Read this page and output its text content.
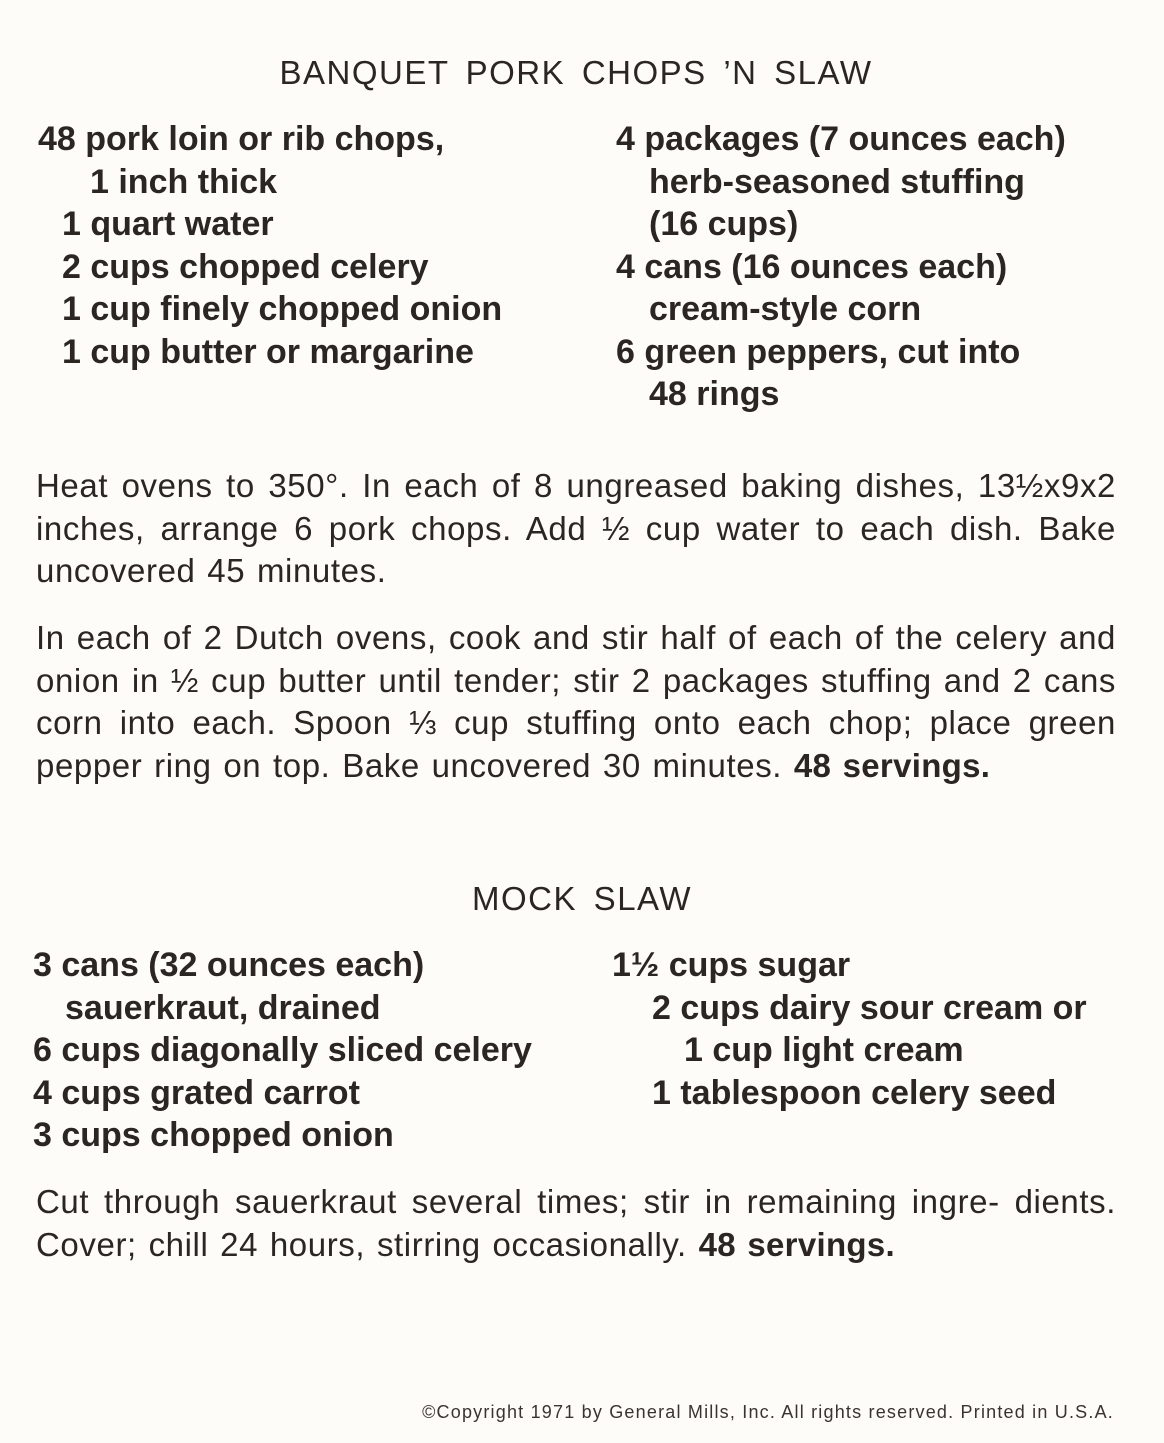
BANQUET PORK CHOPS ’N SLAW
48 pork loin or rib chops,
1 inch thick
1 quart water
2 cups chopped celery
1 cup finely chopped onion
1 cup butter or margarine
4 packages (7 ounces each)
herb-seasoned stuffing
(16 cups)
4 cans (16 ounces each)
cream-style corn
6 green peppers, cut into
48 rings

Heat ovens to 350°. In each of 8 ungreased baking dishes, 13½x9x2 inches, arrange 6 pork chops. Add ½ cup water to each dish. Bake uncovered 45 minutes.

In each of 2 Dutch ovens, cook and stir half of each of the celery and onion in ½ cup butter until tender; stir 2 packages stuffing and 2 cans corn into each. Spoon ⅓ cup stuffing onto each chop; place green pepper ring on top. Bake uncovered 30 minutes. 48 servings.

MOCK SLAW
3 cans (32 ounces each)
sauerkraut, drained
6 cups diagonally sliced celery
4 cups grated carrot
3 cups chopped onion
1½ cups sugar
2 cups dairy sour cream or
1 cup light cream
1 tablespoon celery seed

Cut through sauerkraut several times; stir in remaining ingre- dients. Cover; chill 24 hours, stirring occasionally. 48 servings.

©Copyright 1971 by General Mills, Inc. All rights reserved. Printed in U.S.A.
